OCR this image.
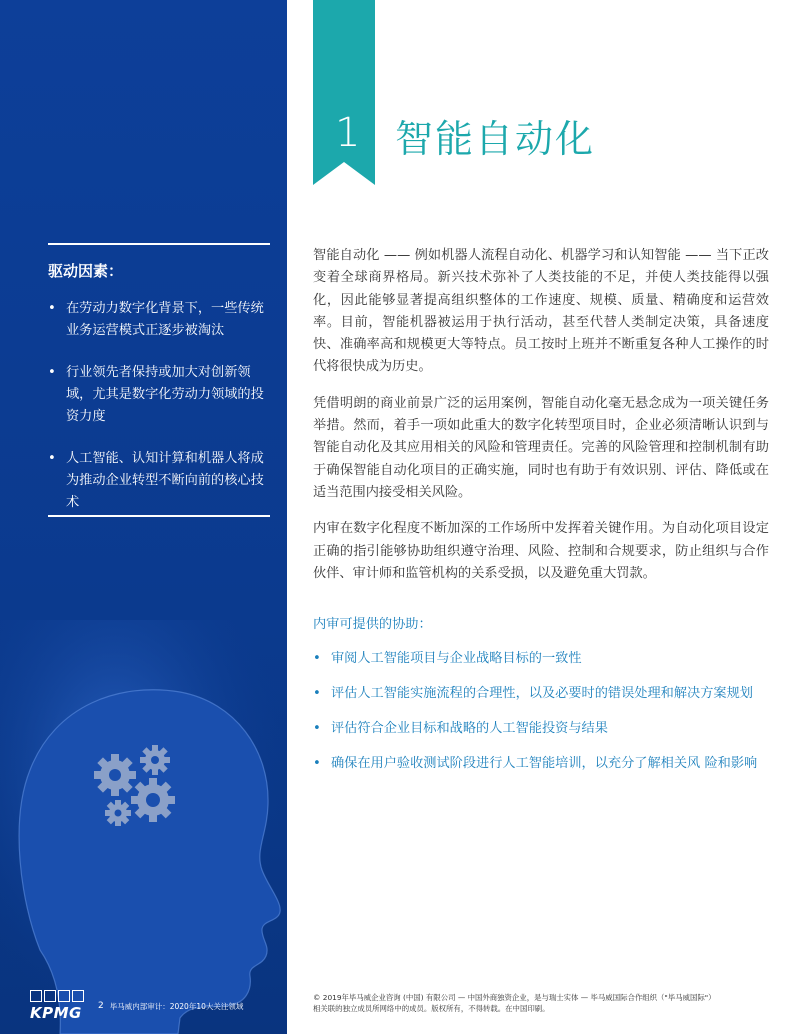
驱动因素：
• 在劳动力数字化背景下，一些传统业务运营模式正逐步被淘汰
• 行业领先者保持或加大对创新领域，尤其是数字化劳动力领域的投资力度
• 人工智能、认知计算和机器人将成为推动企业转型不断向前的核心技术
KPMG 2 毕马威内部审计：2020年10大关注领域
1 智能自动化

智能自动化 —— 例如机器人流程自动化、机器学习和认知智能 —— 当下正改变着全球商界格局。新兴技术弥补了人类技能的不足，并使人类技能得以强化，因此能够显著提高组织整体的工作速度、规模、质量、精确度和运营效率。目前，智能机器被运用于执行活动，甚至代替人类制定决策，具备速度快、准确率高和规模更大等特点。员工按时上班并不断重复各种人工操作的时 代将很快成为历史。

凭借明朗的商业前景广泛的运用案例，智能自动化毫无悬念成为一项关键任务举措。然而，着手一项如此重大的数字化转型项目时，企业必须清晰认识到与智能自动化及其应用相关的风险和管理责任。完善的风险管理和控制机制有助于确保智能自动化项目的正确实施，同时也有助于有效识别、评估、降低或在适当范围内接受相关风险。

内审在数字化程度不断加深的工作场所中发挥着关键作用。为自动化项目设定正确的指引能够协助组织遵守治理、风险、控制和合规要求，防止组织与合作伙伴、审计师和监管机构的关系受损，以及避免重大罚款。

内审可提供的协助：
• 审阅人工智能项目与企业战略目标的一致性
• 评估人工智能实施流程的合理性，以及必要时的错误处理和解决方案规划
• 评估符合企业目标和战略的人工智能投资与结果
• 确保在用户验收测试阶段进行人工智能培训，以充分了解相关风 险和影响
© 2019年毕马威企业咨询 (中国) 有限公司 — 中国外商独资企业，是与瑞士实体 — 毕马威国际合作组织（"毕马威国际"）
相关联的独立成员所网络中的成员。版权所有，不得转载。在中国印刷。
